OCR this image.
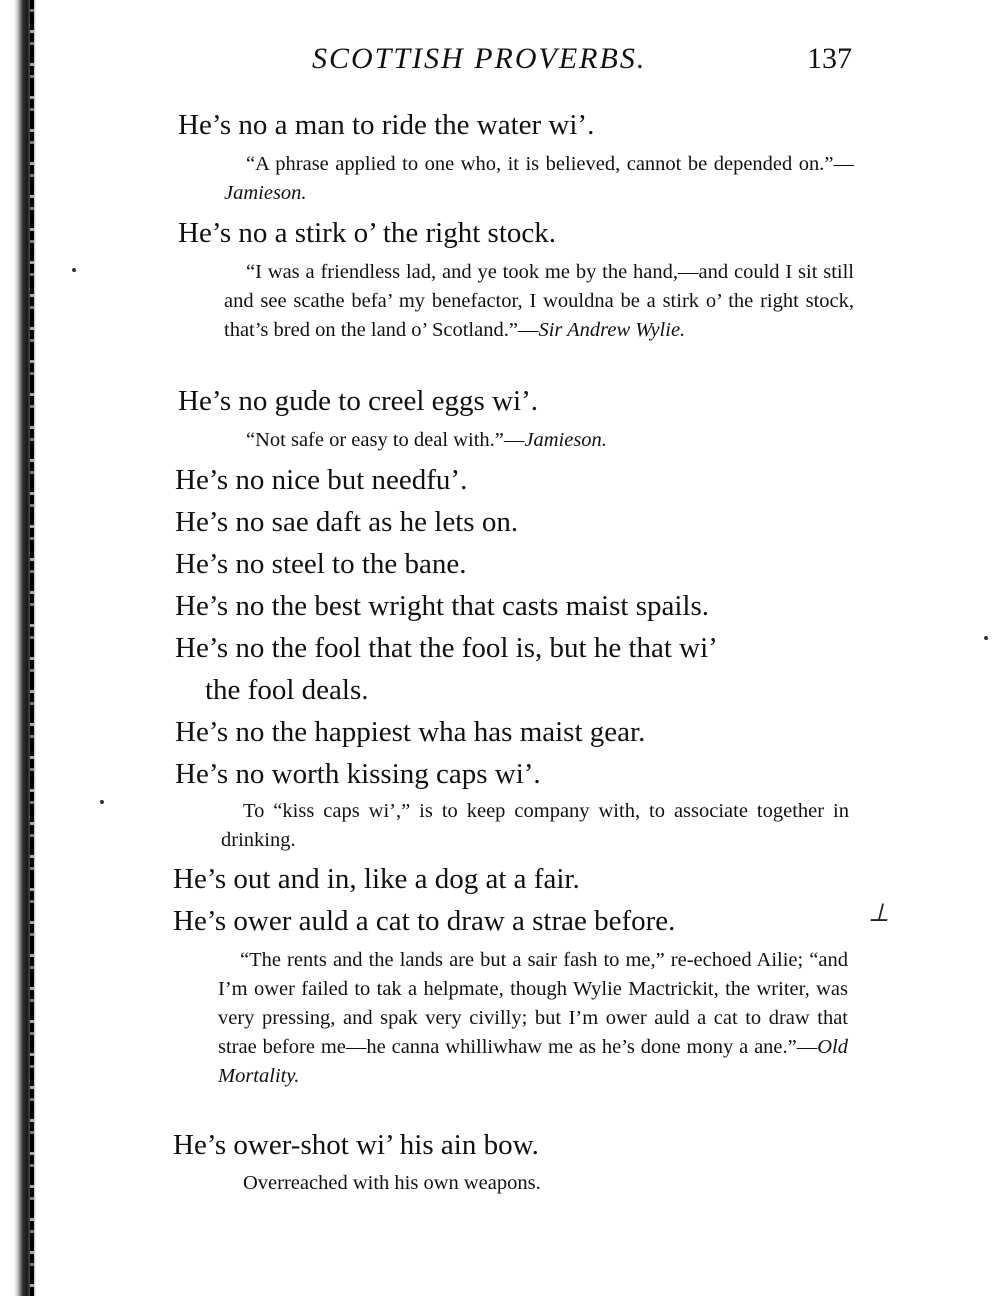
SCOTTISH PROVERBS.	137
He’s no a man to ride the water wi’.
“A phrase applied to one who, it is believed, cannot be depended on.”—Jamieson.
He’s no a stirk o’ the right stock.
“I was a friendless lad, and ye took me by the hand,—and could I sit still and see scathe befa’ my benefactor, I wouldna be a stirk o’ the right stock, that’s bred on the land o’ Scotland.”—Sir Andrew Wylie.
He’s no gude to creel eggs wi’.
“Not safe or easy to deal with.”—Jamieson.
He’s no nice but needfu’.
He’s no sae daft as he lets on.
He’s no steel to the bane.
He’s no the best wright that casts maist spails.
He’s no the fool that the fool is, but he that wi’
the fool deals.
He’s no the happiest wha has maist gear.
He’s no worth kissing caps wi’.
To “kiss caps wi’,” is to keep company with, to associate together in drinking.
He’s out and in, like a dog at a fair.
He’s ower auld a cat to draw a strae before.
“The rents and the lands are but a sair fash to me,” re-echoed Ailie; “and I’m ower failed to tak a helpmate, though Wylie Mactrickit, the writer, was very pressing, and spak very civilly; but I’m ower auld a cat to draw that strae before me—he canna whilliwhaw me as he’s done mony a ane.”—Old Mortality.
He’s ower-shot wi’ his ain bow.
Overreached with his own weapons.
⟂
